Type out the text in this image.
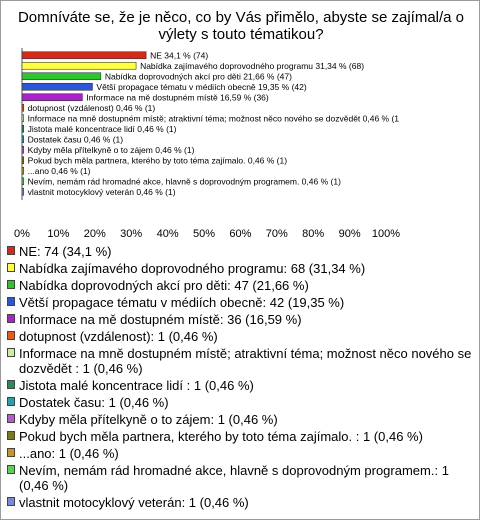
Domníváte se, že je něco, co by Vás přimělo, abyste se zajímal/a o
výlety s touto tématikou?
NE 34,1 % (74)
Nabídka zajímavého doprovodného programu 31,34 % (68)
Nabídka doprovodných akcí pro děti 21,66 % (47)
Větší propagace tématu v médiích obecně 19,35 % (42)
Informace na mě dostupném místě 16,59 % (36)
dotupnost (vzdálenost) 0,46 % (1)
Informace na mně dostupném místě; atraktivní téma; možnost něco nového se dozvědět 0,46 % (1
Jistota malé koncentrace lidí 0,46 % (1)
Dostatek času 0,46 % (1)
Kdyby měla přítelkyně o to zájem 0,46 % (1)
Pokud bych měla partnera, kterého by toto téma zajímalo. 0,46 % (1)
...ano 0,46 % (1)
Nevím, nemám rád hromadné akce, hlavně s doprovodným programem. 0,46 % (1)
vlastnit motocyklový veterán 0,46 % (1)
0% 10% 20% 30% 40% 50% 60% 70% 80% 90% 100%
NE: 74 (34,1 %)
Nabídka zajímavého doprovodného programu: 68 (31,34 %)
Nabídka doprovodných akcí pro děti: 47 (21,66 %)
Větší propagace tématu v médiích obecně: 42 (19,35 %)
Informace na mě dostupném místě: 36 (16,59 %)
dotupnost (vzdálenost): 1 (0,46 %)
Informace na mně dostupném místě; atraktivní téma; možnost něco nového se dozvědět : 1 (0,46 %)
Jistota malé koncentrace lidí : 1 (0,46 %)
Dostatek času: 1 (0,46 %)
Kdyby měla přítelkyně o to zájem: 1 (0,46 %)
Pokud bych měla partnera, kterého by toto téma zajímalo. : 1 (0,46 %)
...ano: 1 (0,46 %)
Nevím, nemám rád hromadné akce, hlavně s doprovodným programem.: 1 (0,46 %)
vlastnit motocyklový veterán: 1 (0,46 %)
